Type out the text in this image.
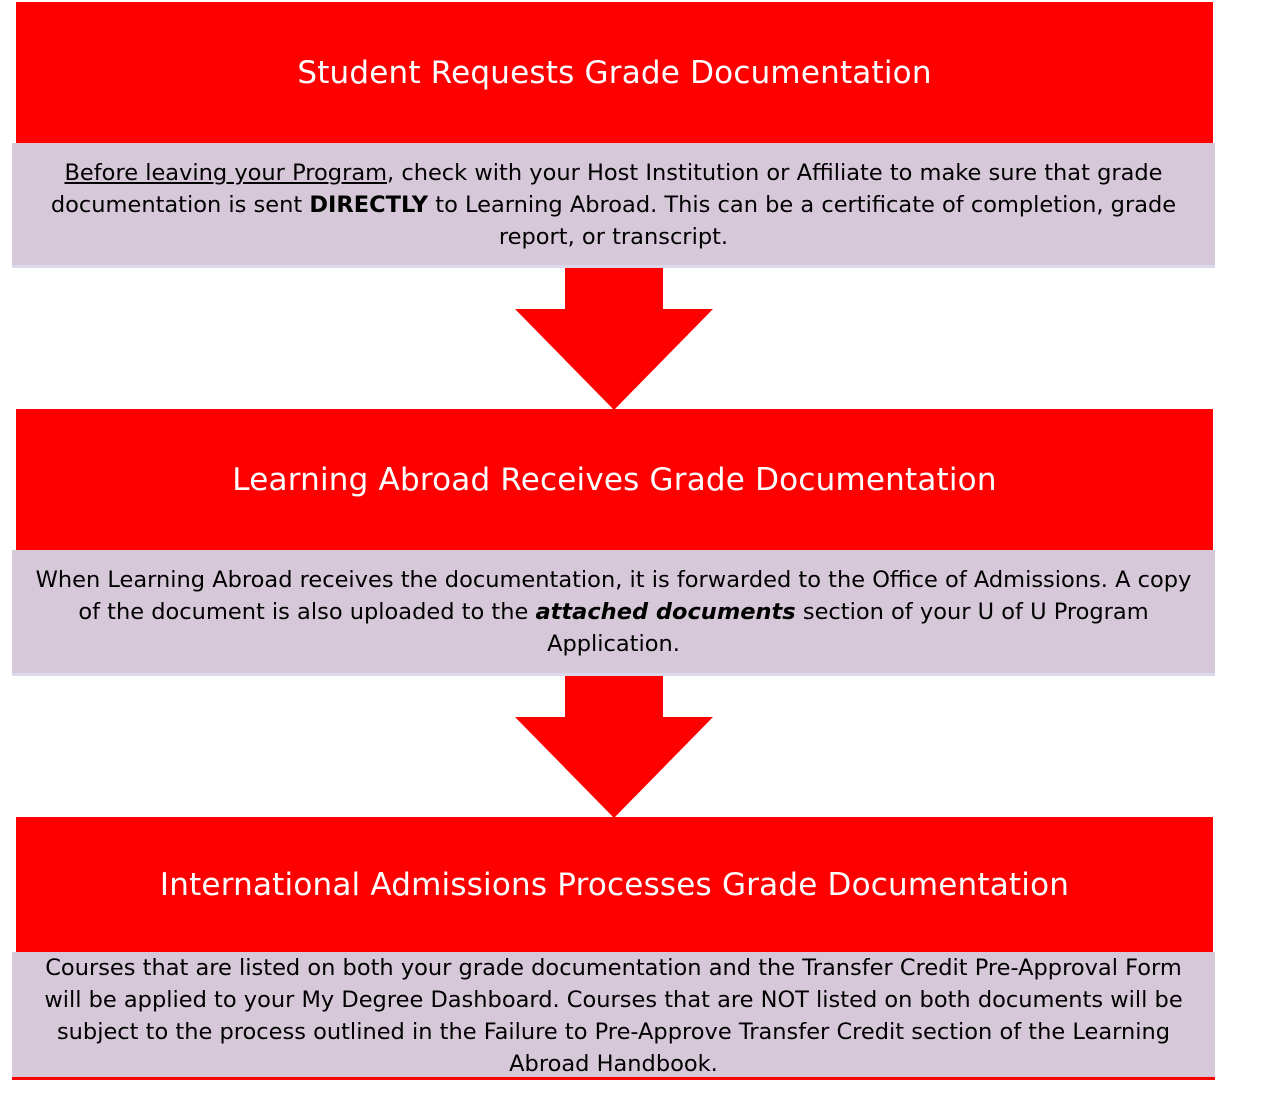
Student Requests Grade Documentation
Before leaving your Program, check with your Host Institution or Affiliate to make sure that grade documentation is sent DIRECTLY to Learning Abroad. This can be a certificate of completion, grade report, or transcript.
Learning Abroad Receives Grade Documentation
When Learning Abroad receives the documentation, it is forwarded to the Office of Admissions. A copy of the document is also uploaded to the attached documents section of your U of U Program Application.
International Admissions Processes Grade Documentation
Courses that are listed on both your grade documentation and the Transfer Credit Pre-Approval Form will be applied to your My Degree Dashboard. Courses that are NOT listed on both documents will be subject to the process outlined in the Failure to Pre-Approve Transfer Credit section of the Learning Abroad Handbook.
